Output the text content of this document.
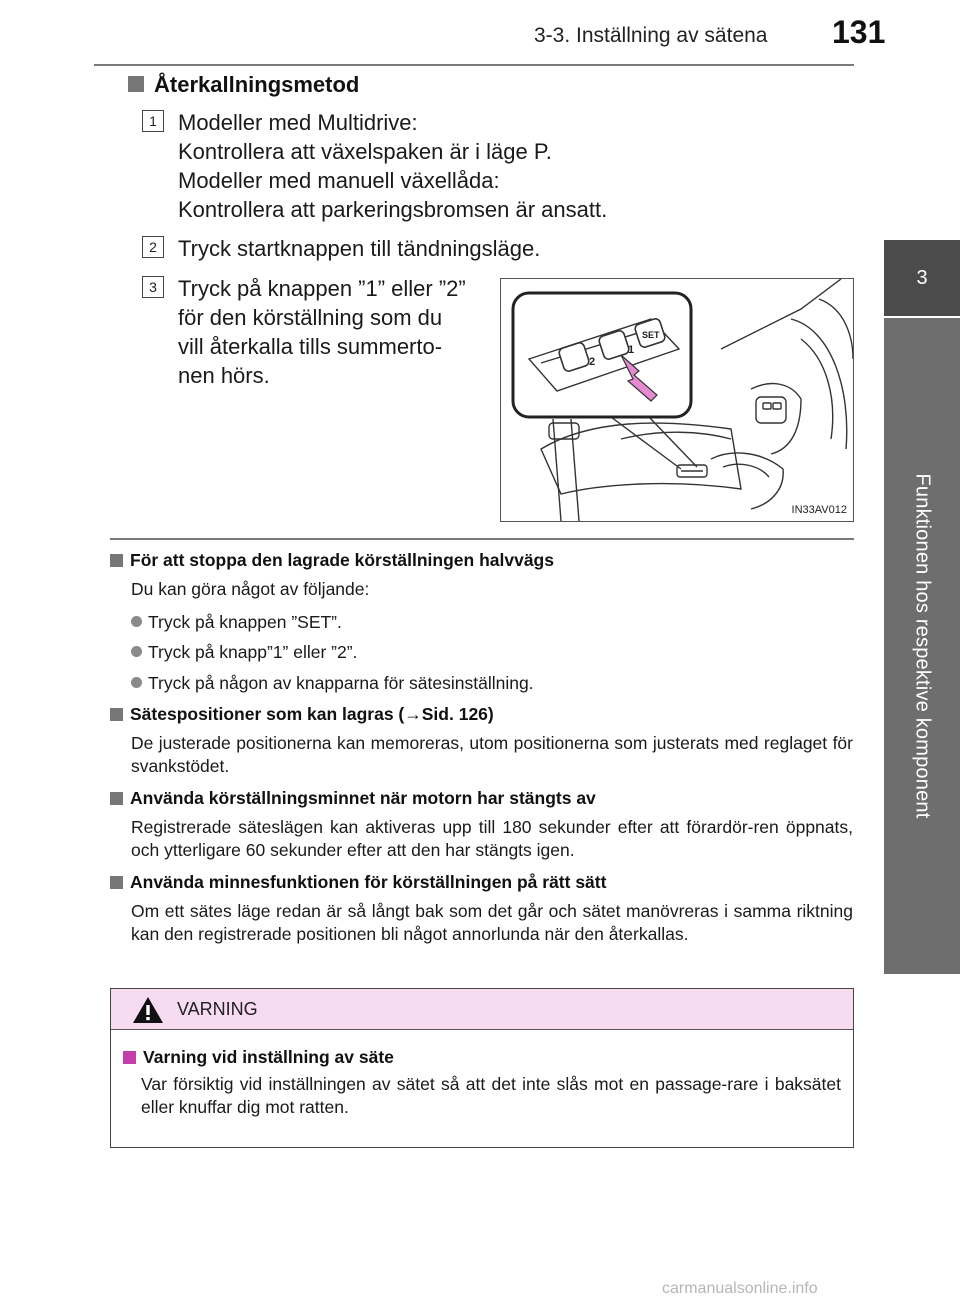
3-3. Inställning av sätena 131
3
Funktionen hos respektive komponent
Återkallningsmetod
1 Modeller med Multidrive:
Kontrollera att växelspaken är i läge P.
Modeller med manuell växellåda:
Kontrollera att parkeringsbromsen är ansatt.
2 Tryck startknappen till tändningsläge.
3 Tryck på knappen ”1” eller ”2”
för den körställning som du
vill återkalla tills summerto-
nen hörs.
2
1
SET
IN33AV012
För att stoppa den lagrade körställningen halvvägs
Du kan göra något av följande:
Tryck på knappen ”SET”.
Tryck på knapp”1” eller ”2”.
Tryck på någon av knapparna för sätesinställning.
Sätespositioner som kan lagras (→Sid. 126)
De justerade positionerna kan memoreras, utom positionerna som justerats med reglaget för svankstödet.
Använda körställningsminnet när motorn har stängts av
Registrerade säteslägen kan aktiveras upp till 180 sekunder efter att förardör-ren öppnats, och ytterligare 60 sekunder efter att den har stängts igen.
Använda minnesfunktionen för körställningen på rätt sätt
Om ett sätes läge redan är så långt bak som det går och sätet manövreras i samma riktning kan den registrerade positionen bli något annorlunda när den återkallas.
VARNING
Varning vid inställning av säte
Var försiktig vid inställningen av sätet så att det inte slås mot en passage-rare i baksätet eller knuffar dig mot ratten.
carmanualsonline.info
